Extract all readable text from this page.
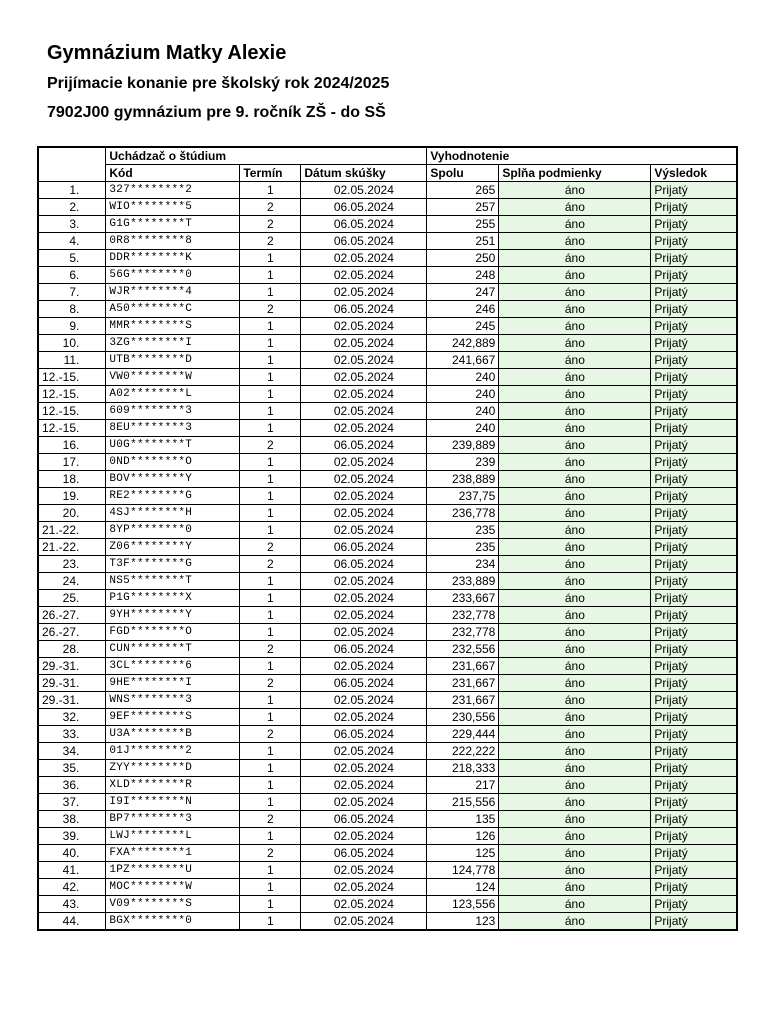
Gymnázium Matky Alexie
Prijímacie konanie pre školský rok 2024/2025
7902J00 gymnázium pre 9. ročník ZŠ - do SŠ
	Uchádzač o štúdium			Vyhodnotenie		
	Kód	Termín	Dátum skúšky	Spolu	Splňa podmienky	Výsledok
1.	327********2	1	02.05.2024	265	áno	Prijatý
2.	WIO********5	2	06.05.2024	257	áno	Prijatý
3.	G1G********T	2	06.05.2024	255	áno	Prijatý
4.	0R8********8	2	06.05.2024	251	áno	Prijatý
5.	DDR********K	1	02.05.2024	250	áno	Prijatý
6.	56G********0	1	02.05.2024	248	áno	Prijatý
7.	WJR********4	1	02.05.2024	247	áno	Prijatý
8.	A50********C	2	06.05.2024	246	áno	Prijatý
9.	MMR********S	1	02.05.2024	245	áno	Prijatý
10.	3ZG********I	1	02.05.2024	242,889	áno	Prijatý
11.	UTB********D	1	02.05.2024	241,667	áno	Prijatý
12.-15.	VW0********W	1	02.05.2024	240	áno	Prijatý
12.-15.	A02********L	1	02.05.2024	240	áno	Prijatý
12.-15.	609********3	1	02.05.2024	240	áno	Prijatý
12.-15.	8EU********3	1	02.05.2024	240	áno	Prijatý
16.	U0G********T	2	06.05.2024	239,889	áno	Prijatý
17.	0ND********O	1	02.05.2024	239	áno	Prijatý
18.	BOV********Y	1	02.05.2024	238,889	áno	Prijatý
19.	RE2********G	1	02.05.2024	237,75	áno	Prijatý
20.	4SJ********H	1	02.05.2024	236,778	áno	Prijatý
21.-22.	8YP********0	1	02.05.2024	235	áno	Prijatý
21.-22.	Z06********Y	2	06.05.2024	235	áno	Prijatý
23.	T3F********G	2	06.05.2024	234	áno	Prijatý
24.	NS5********T	1	02.05.2024	233,889	áno	Prijatý
25.	P1G********X	1	02.05.2024	233,667	áno	Prijatý
26.-27.	9YH********Y	1	02.05.2024	232,778	áno	Prijatý
26.-27.	FGD********O	1	02.05.2024	232,778	áno	Prijatý
28.	CUN********T	2	06.05.2024	232,556	áno	Prijatý
29.-31.	3CL********6	1	02.05.2024	231,667	áno	Prijatý
29.-31.	9HE********I	2	06.05.2024	231,667	áno	Prijatý
29.-31.	WNS********3	1	02.05.2024	231,667	áno	Prijatý
32.	9EF********S	1	02.05.2024	230,556	áno	Prijatý
33.	U3A********B	2	06.05.2024	229,444	áno	Prijatý
34.	01J********2	1	02.05.2024	222,222	áno	Prijatý
35.	ZYY********D	1	02.05.2024	218,333	áno	Prijatý
36.	XLD********R	1	02.05.2024	217	áno	Prijatý
37.	I9I********N	1	02.05.2024	215,556	áno	Prijatý
38.	BP7********3	2	06.05.2024	135	áno	Prijatý
39.	LWJ********L	1	02.05.2024	126	áno	Prijatý
40.	FXA********1	2	06.05.2024	125	áno	Prijatý
41.	1PZ********U	1	02.05.2024	124,778	áno	Prijatý
42.	MOC********W	1	02.05.2024	124	áno	Prijatý
43.	V09********S	1	02.05.2024	123,556	áno	Prijatý
44.	BGX********0	1	02.05.2024	123	áno	Prijatý
